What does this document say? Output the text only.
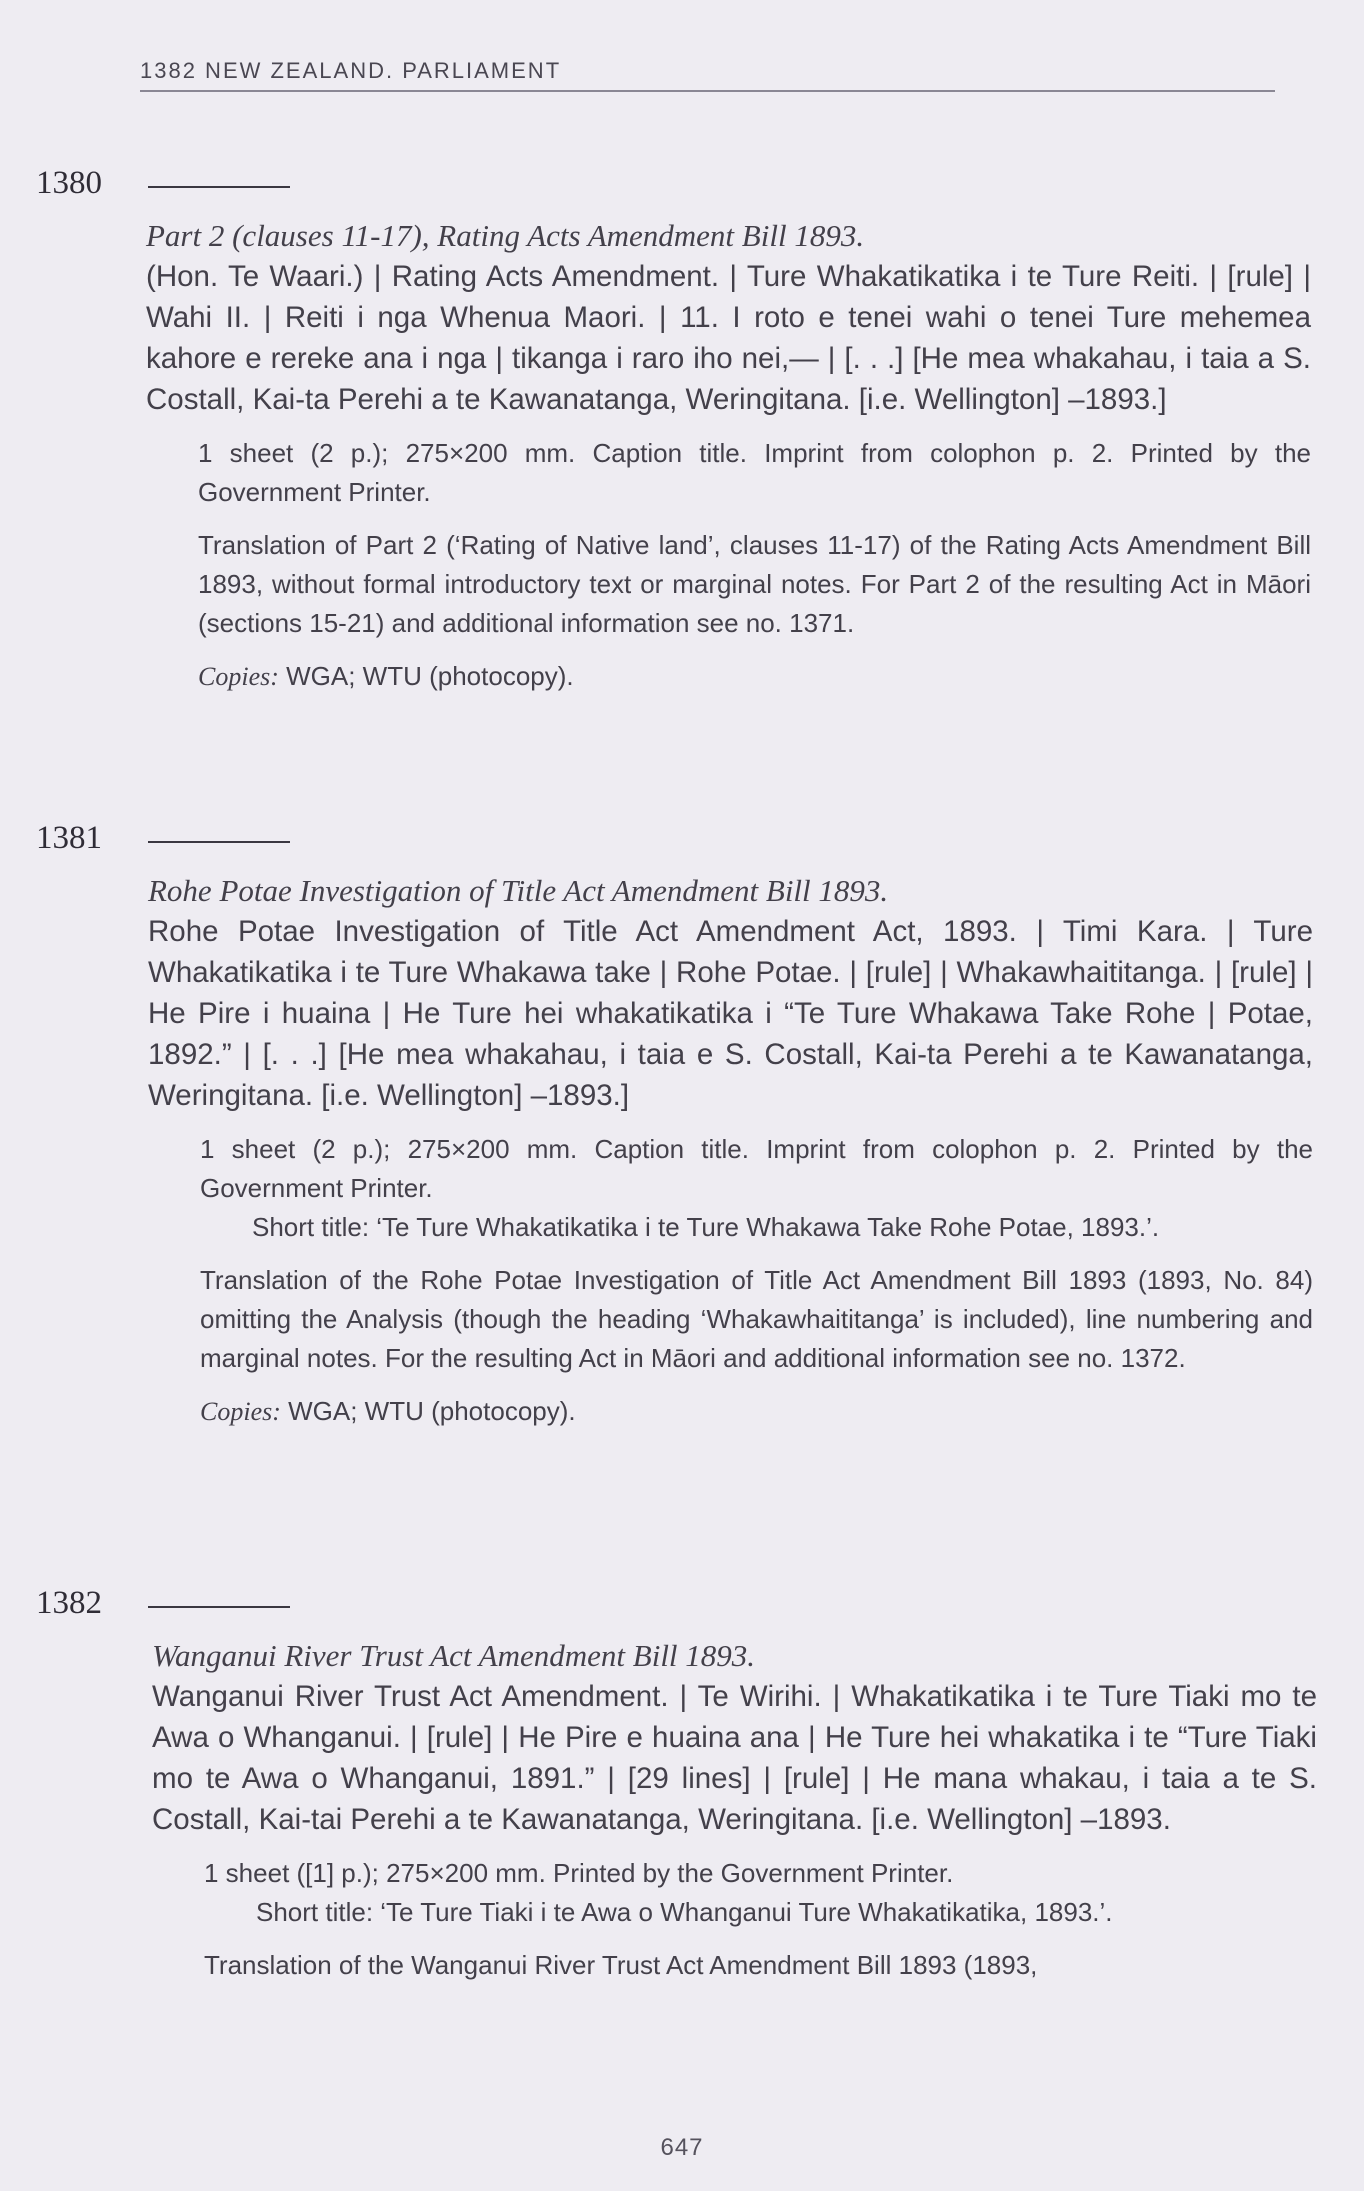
1382 NEW ZEALAND. PARLIAMENT
1380
Part 2 (clauses 11-17), Rating Acts Amendment Bill 1893.
(Hon. Te Waari.) | Rating Acts Amendment. | Ture Whakatikatika i te Ture Reiti. | [rule] | Wahi II. | Reiti i nga Whenua Maori. | 11. I roto e tenei wahi o tenei Ture mehemea kahore e rereke ana i nga | tikanga i raro iho nei,— | [. . .] [He mea whakahau, i taia a S. Costall, Kai-ta Perehi a te Kawanatanga, Weringitana. [i.e. Wellington] –1893.]
1 sheet (2 p.); 275×200 mm. Caption title. Imprint from colophon p. 2. Printed by the Government Printer.
Translation of Part 2 (‘Rating of Native land’, clauses 11-17) of the Rating Acts Amendment Bill 1893, without formal introductory text or marginal notes. For Part 2 of the resulting Act in Māori (sections 15-21) and additional information see no. 1371.
Copies: WGA; WTU (photocopy).
1381
Rohe Potae Investigation of Title Act Amendment Bill 1893.
Rohe Potae Investigation of Title Act Amendment Act, 1893. | Timi Kara. | Ture Whakatikatika i te Ture Whakawa take | Rohe Potae. | [rule] | Whakawhaititanga. | [rule] | He Pire i huaina | He Ture hei whakatikatika i “Te Ture Whakawa Take Rohe | Potae, 1892.” | [. . .] [He mea whakahau, i taia e S. Costall, Kai-ta Perehi a te Kawanatanga, Weringitana. [i.e. Wellington] –1893.]
1 sheet (2 p.); 275×200 mm. Caption title. Imprint from colophon p. 2. Printed by the Government Printer.
Short title: ‘Te Ture Whakatikatika i te Ture Whakawa Take Rohe Potae, 1893.’.
Translation of the Rohe Potae Investigation of Title Act Amendment Bill 1893 (1893, No. 84) omitting the Analysis (though the heading ‘Whakawhaititanga’ is included), line numbering and marginal notes. For the resulting Act in Māori and additional information see no. 1372.
Copies: WGA; WTU (photocopy).
1382
Wanganui River Trust Act Amendment Bill 1893.
Wanganui River Trust Act Amendment. | Te Wirihi. | Whakatikatika i te Ture Tiaki mo te Awa o Whanganui. | [rule] | He Pire e huaina ana | He Ture hei whakatika i te “Ture Tiaki mo te Awa o Whanganui, 1891.” | [29 lines] | [rule] | He mana whakau, i taia a te S. Costall, Kai-tai Perehi a te Kawanatanga, Weringitana. [i.e. Wellington] –1893.
1 sheet ([1] p.); 275×200 mm. Printed by the Government Printer.
Short title: ‘Te Ture Tiaki i te Awa o Whanganui Ture Whakatikatika, 1893.’.
Translation of the Wanganui River Trust Act Amendment Bill 1893 (1893,
647
